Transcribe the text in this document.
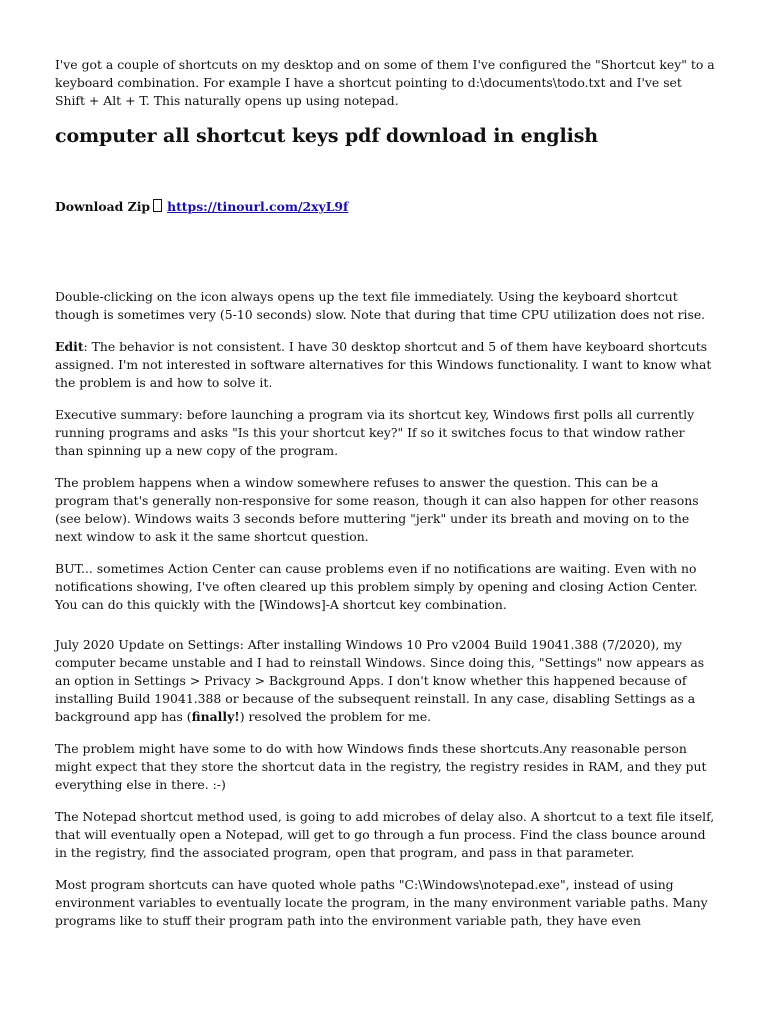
I've got a couple of shortcuts on my desktop and on some of them I've configured the "Shortcut key" to a keyboard combination. For example I have a shortcut pointing to d:\documents\todo.txt and I've set Shift + Alt + T. This naturally opens up using notepad.

computer all shortcut keys pdf download in english
Download Zip https://tinourl.com/2xyL9f

Double-clicking on the icon always opens up the text file immediately. Using the keyboard shortcut though is sometimes very (5-10 seconds) slow. Note that during that time CPU utilization does not rise.

Edit: The behavior is not consistent. I have 30 desktop shortcut and 5 of them have keyboard shortcuts assigned. I'm not interested in software alternatives for this Windows functionality. I want to know what the problem is and how to solve it.

Executive summary: before launching a program via its shortcut key, Windows first polls all currently running programs and asks "Is this your shortcut key?" If so it switches focus to that window rather than spinning up a new copy of the program.

The problem happens when a window somewhere refuses to answer the question. This can be a program that's generally non-responsive for some reason, though it can also happen for other reasons (see below). Windows waits 3 seconds before muttering "jerk" under its breath and moving on to the next window to ask it the same shortcut question.

BUT... sometimes Action Center can cause problems even if no notifications are waiting. Even with no notifications showing, I've often cleared up this problem simply by opening and closing Action Center. You can do this quickly with the [Windows]-A shortcut key combination.

July 2020 Update on Settings: After installing Windows 10 Pro v2004 Build 19041.388 (7/2020), my computer became unstable and I had to reinstall Windows. Since doing this, "Settings" now appears as an option in Settings > Privacy > Background Apps. I don't know whether this happened because of installing Build 19041.388 or because of the subsequent reinstall. In any case, disabling Settings as a background app has (finally!) resolved the problem for me.

The problem might have some to do with how Windows finds these shortcuts.Any reasonable person might expect that they store the shortcut data in the registry, the registry resides in RAM, and they put everything else in there. :-)

The Notepad shortcut method used, is going to add microbes of delay also. A shortcut to a text file itself, that will eventually open a Notepad, will get to go through a fun process. Find the class bounce around in the registry, find the associated program, open that program, and pass in that parameter.

Most program shortcuts can have quoted whole paths "C:\Windows\notepad.exe", instead of using environment variables to eventually locate the program, in the many environment variable paths. Many programs like to stuff their program path into the environment variable path, they have even
